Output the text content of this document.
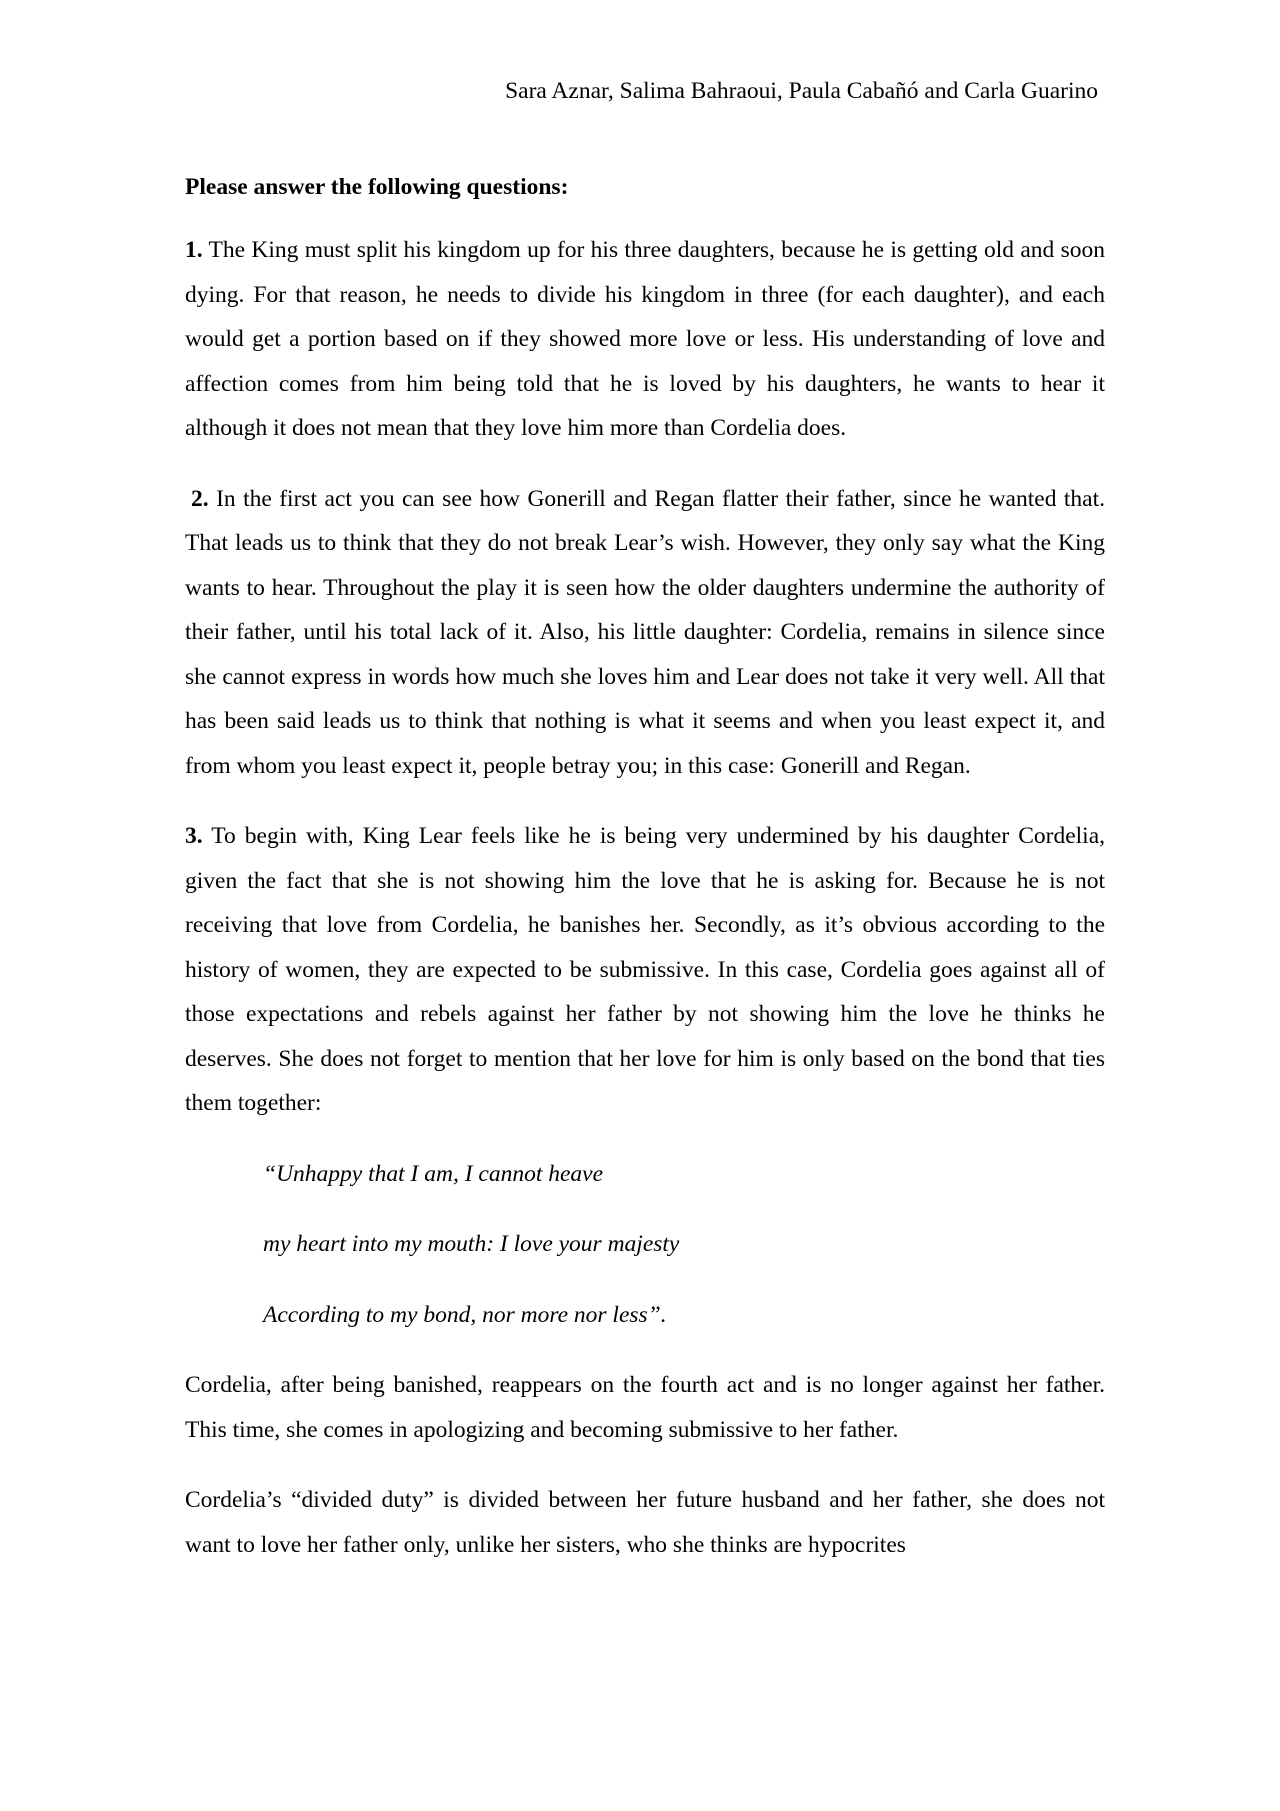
Sara Aznar, Salima Bahraoui, Paula Cabañó and Carla Guarino
Please answer the following questions:

1. The King must split his kingdom up for his three daughters, because he is getting old and soon dying. For that reason, he needs to divide his kingdom in three (for each daughter), and each would get a portion based on if they showed more love or less. His understanding of love and affection comes from him being told that he is loved by his daughters, he wants to hear it although it does not mean that they love him more than Cordelia does.

2. In the first act you can see how Gonerill and Regan flatter their father, since he wanted that. That leads us to think that they do not break Lear’s wish. However, they only say what the King wants to hear. Throughout the play it is seen how the older daughters undermine the authority of their father, until his total lack of it. Also, his little daughter: Cordelia, remains in silence since she cannot express in words how much she loves him and Lear does not take it very well. All that has been said leads us to think that nothing is what it seems and when you least expect it, and from whom you least expect it, people betray you; in this case: Gonerill and Regan.

3. To begin with, King Lear feels like he is being very undermined by his daughter Cordelia, given the fact that she is not showing him the love that he is asking for. Because he is not receiving that love from Cordelia, he banishes her. Secondly, as it’s obvious according to the history of women, they are expected to be submissive. In this case, Cordelia goes against all of those expectations and rebels against her father by not showing him the love he thinks he deserves. She does not forget to mention that her love for him is only based on the bond that ties them together:

“Unhappy that I am, I cannot heave

my heart into my mouth: I love your majesty

According to my bond, nor more nor less”.

Cordelia, after being banished, reappears on the fourth act and is no longer against her father. This time, she comes in apologizing and becoming submissive to her father.

Cordelia’s “divided duty” is divided between her future husband and her father, she does not want to love her father only, unlike her sisters, who she thinks are hypocrites
